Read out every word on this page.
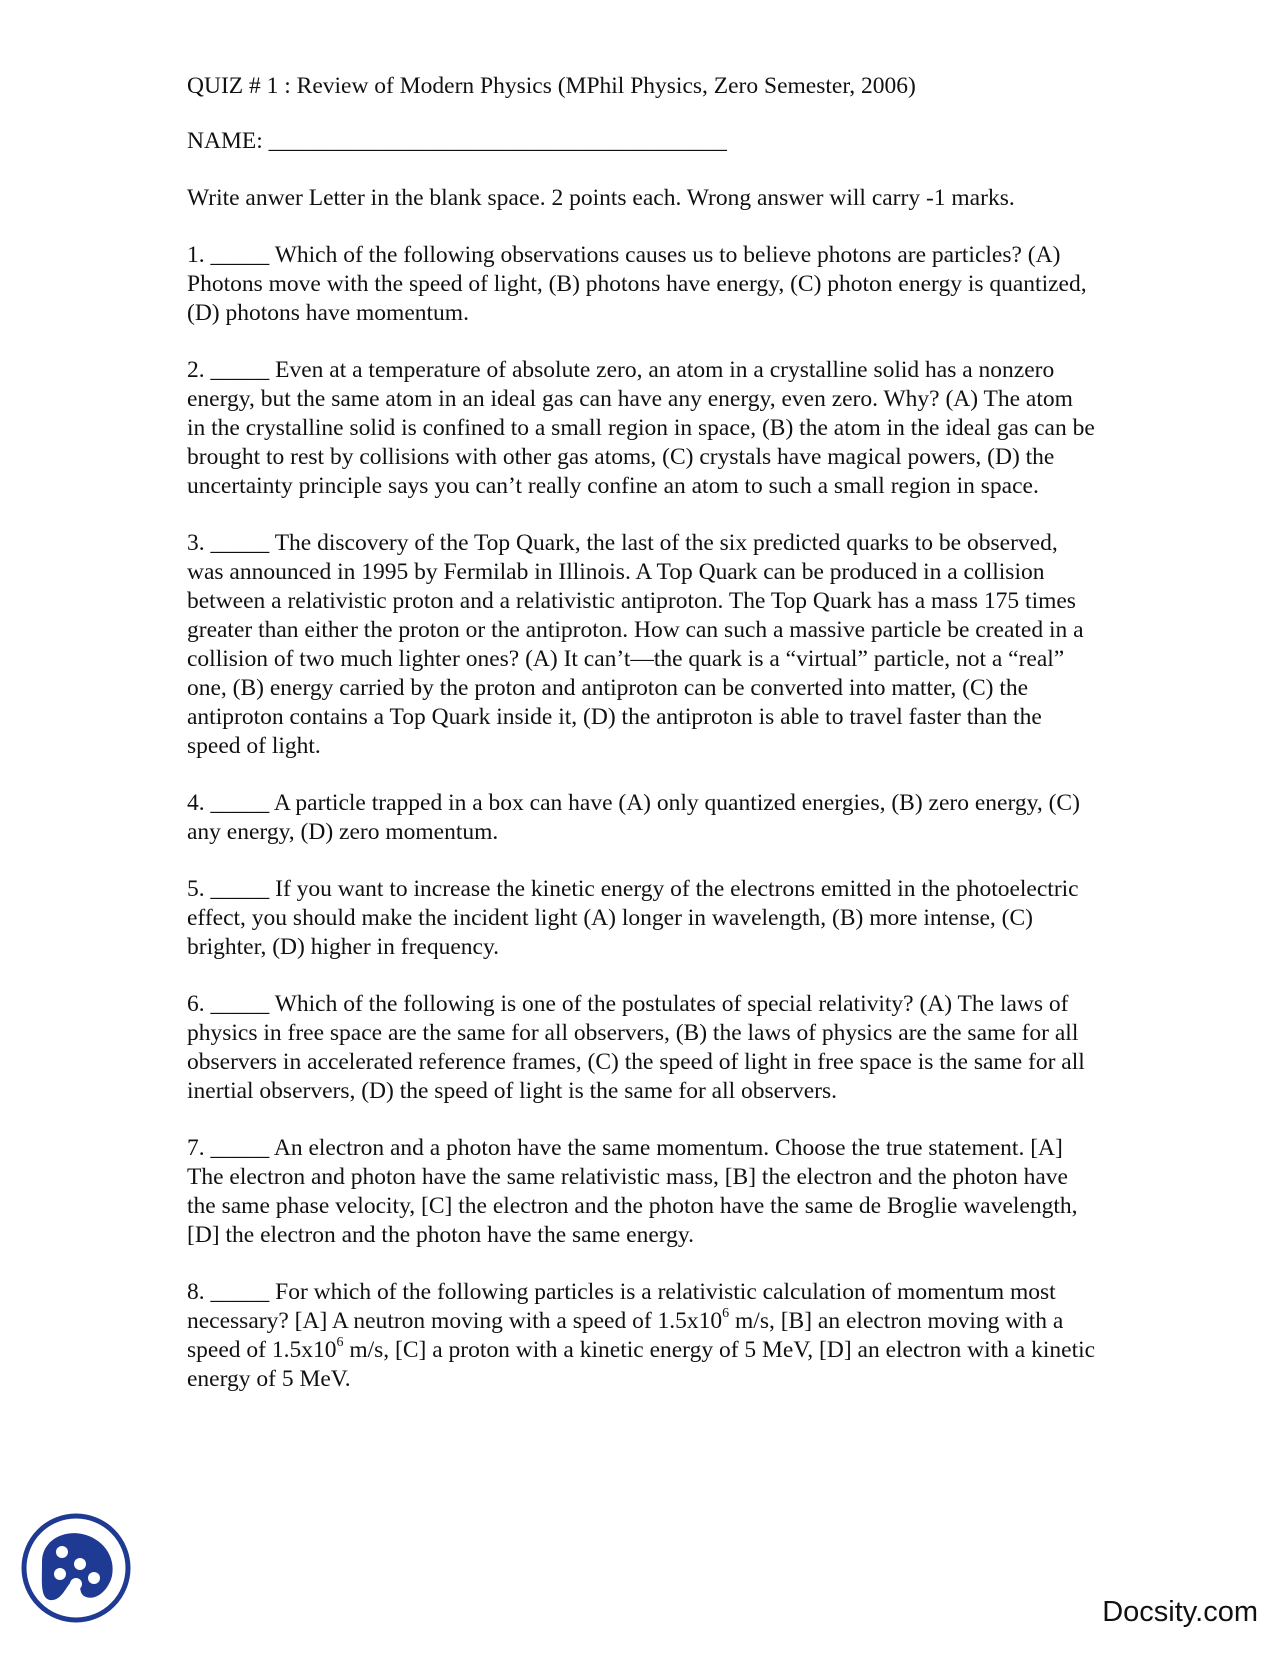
QUIZ # 1 : Review of Modern Physics (MPhil Physics, Zero Semester, 2006)
NAME: _______________________________________
Write anwer Letter in the blank space. 2 points each. Wrong answer will carry -1 marks.
1. _____ Which of the following observations causes us to believe photons are particles? (A) Photons move with the speed of light, (B) photons have energy, (C) photon energy is quantized, (D) photons have momentum.
2. _____ Even at a temperature of absolute zero, an atom in a crystalline solid has a nonzero energy, but the same atom in an ideal gas can have any energy, even zero. Why? (A) The atom in the crystalline solid is confined to a small region in space, (B) the atom in the ideal gas can be brought to rest by collisions with other gas atoms, (C) crystals have magical powers, (D) the uncertainty principle says you can’t really confine an atom to such a small region in space.
3. _____ The discovery of the Top Quark, the last of the six predicted quarks to be observed, was announced in 1995 by Fermilab in Illinois. A Top Quark can be produced in a collision between a relativistic proton and a relativistic antiproton. The Top Quark has a mass 175 times greater than either the proton or the antiproton. How can such a massive particle be created in a collision of two much lighter ones? (A) It can’t—the quark is a “virtual” particle, not a “real” one, (B) energy carried by the proton and antiproton can be converted into matter, (C) the antiproton contains a Top Quark inside it, (D) the antiproton is able to travel faster than the speed of light.
4. _____ A particle trapped in a box can have (A) only quantized energies, (B) zero energy, (C) any energy, (D) zero momentum.
5. _____ If you want to increase the kinetic energy of the electrons emitted in the photoelectric effect, you should make the incident light (A) longer in wavelength, (B) more intense, (C) brighter, (D) higher in frequency.
6. _____ Which of the following is one of the postulates of special relativity? (A) The laws of physics in free space are the same for all observers, (B) the laws of physics are the same for all observers in accelerated reference frames, (C) the speed of light in free space is the same for all inertial observers, (D) the speed of light is the same for all observers.
7. _____ An electron and a photon have the same momentum. Choose the true statement. [A] The electron and photon have the same relativistic mass, [B] the electron and the photon have the same phase velocity, [C] the electron and the photon have the same de Broglie wavelength, [D] the electron and the photon have the same energy.
8. _____ For which of the following particles is a relativistic calculation of momentum most necessary? [A] A neutron moving with a speed of $1.5x10^6$ m/s, [B] an electron moving with a speed of $1.5x10^6$ m/s, [C] a proton with a kinetic energy of 5 MeV, [D] an electron with a kinetic energy of 5 MeV.
Docsity.com
